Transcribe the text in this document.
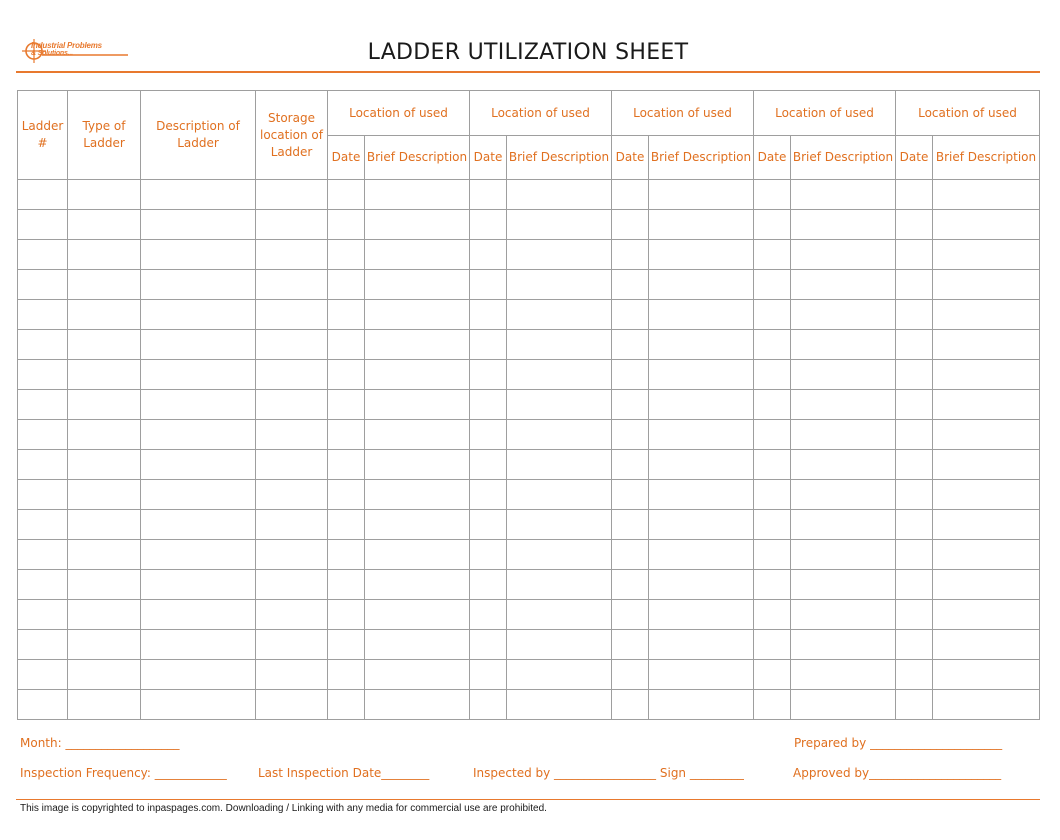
Industrial Problems
& Solutions...	LADDER UTILIZATION SHEET
Ladder #	Type of Ladder	Description of Ladder	Storage location of Ladder	Location of used		Location of used		Location of used		Location of used		Location of used	
				Date	Brief Description	Date	Brief Description	Date	Brief Description	Date	Brief Description	Date	Brief Description

Month: ___________________	Prepared by ______________________
Inspection Frequency: ____________	Last Inspection Date________	Inspected by _________________ Sign _________	Approved by______________________
This image is copyrighted to inpaspages.com. Downloading / Linking with any media for commercial use are prohibited.
